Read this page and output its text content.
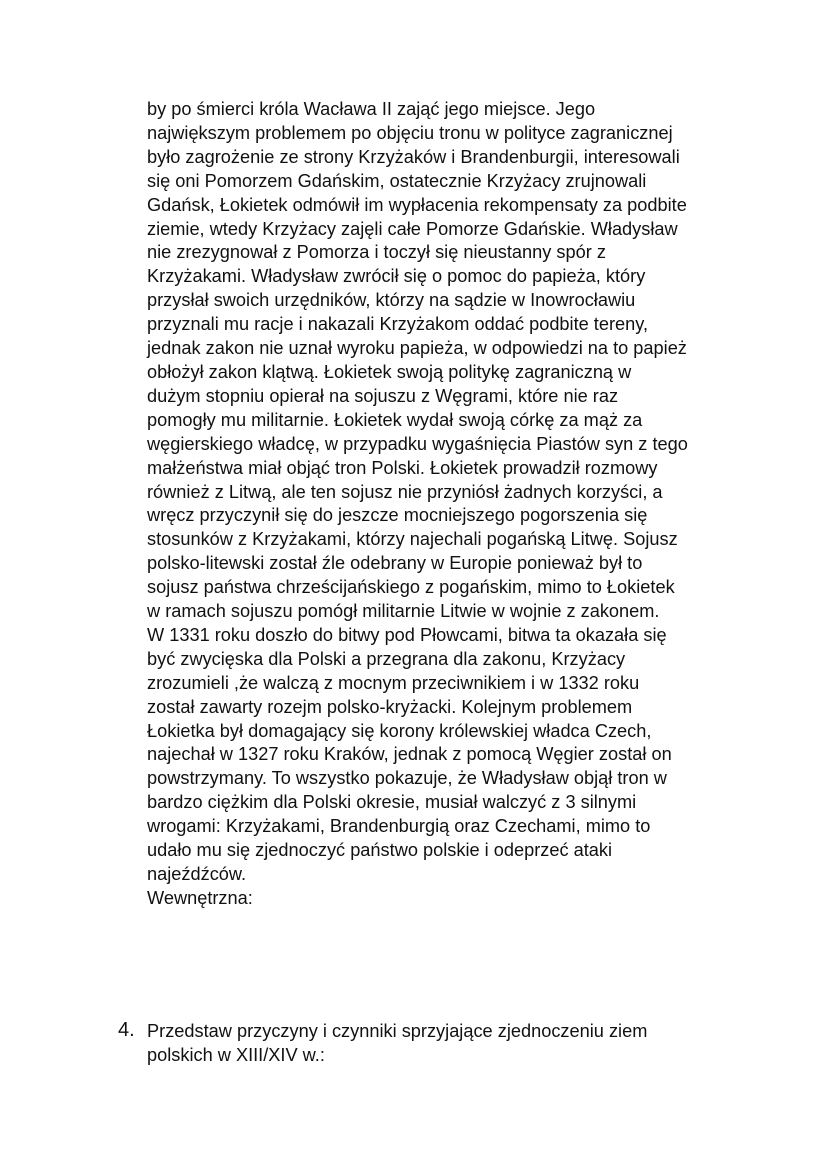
by po śmierci króla Wacława II zająć jego miejsce. Jego
największym problemem po objęciu tronu w polityce zagranicznej
było zagrożenie ze strony Krzyżaków i Brandenburgii, interesowali
się oni Pomorzem Gdańskim, ostatecznie Krzyżacy zrujnowali
Gdańsk, Łokietek odmówił im wypłacenia rekompensaty za podbite
ziemie, wtedy Krzyżacy zajęli całe Pomorze Gdańskie. Władysław
nie zrezygnował z Pomorza i toczył się nieustanny spór z
Krzyżakami. Władysław zwrócił się o pomoc do papieża, który
przysłał swoich urzędników, którzy na sądzie w Inowrocławiu
przyznali mu racje i nakazali Krzyżakom oddać podbite tereny,
jednak zakon nie uznał wyroku papieża, w odpowiedzi na to papież
obłożył zakon klątwą. Łokietek swoją politykę zagraniczną w
dużym stopniu opierał na sojuszu z Węgrami, które nie raz
pomogły mu militarnie. Łokietek wydał swoją córkę za mąż za
węgierskiego władcę, w przypadku wygaśnięcia Piastów syn z tego
małżeństwa miał objąć tron Polski. Łokietek prowadził rozmowy
również z Litwą, ale ten sojusz nie przyniósł żadnych korzyści, a
wręcz przyczynił się do jeszcze mocniejszego pogorszenia się
stosunków z Krzyżakami, którzy najechali pogańską Litwę. Sojusz
polsko-litewski został źle odebrany w Europie ponieważ był to
sojusz państwa chrześcijańskiego z pogańskim, mimo to Łokietek
w ramach sojuszu pomógł militarnie Litwie w wojnie z zakonem.
W 1331 roku doszło do bitwy pod Płowcami, bitwa ta okazała się
być zwycięska dla Polski a przegrana dla zakonu, Krzyżacy
zrozumieli ,że walczą z mocnym przeciwnikiem i w 1332 roku
został zawarty rozejm polsko-kryżacki. Kolejnym problemem
Łokietka był domagający się korony królewskiej władca Czech,
najechał w 1327 roku Kraków, jednak z pomocą Węgier został on
powstrzymany. To wszystko pokazuje, że Władysław objął tron w
bardzo ciężkim dla Polski okresie, musiał walczyć z 3 silnymi
wrogami: Krzyżakami, Brandenburgią oraz Czechami, mimo to
udało mu się zjednoczyć państwo polskie i odeprzeć ataki
najeźdźców.
Wewnętrzna:
4. Przedstaw przyczyny i czynniki sprzyjające zjednoczeniu ziem
polskich w XIII/XIV w.:
